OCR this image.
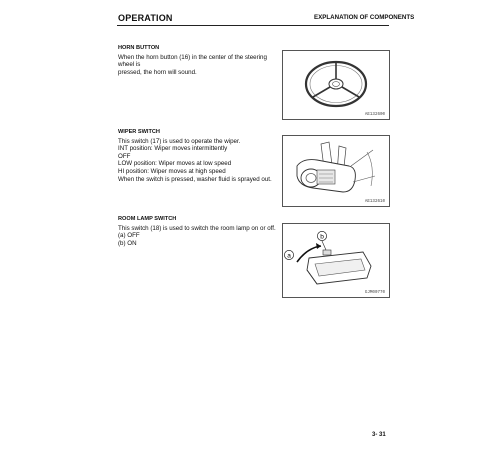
OPERATION	EXPLANATION OF COMPONENTS
HORN BUTTON

When the horn button (16) in the center of the steering wheel is

pressed, the horn will sound.

AE132600
WIPER SWITCH

This switch (17) is used to operate the wiper.

INT position: Wiper moves intermittently

OFF

LOW position: Wiper moves at low speed

HI position: Wiper moves at high speed

When the switch is pressed, washer fluid is sprayed out.

AE132610
ROOM LAMP SWITCH

This switch (18) is used to switch the room lamp on or off.

(a) OFF

(b) ON

a
b
GJM00770
3- 31
